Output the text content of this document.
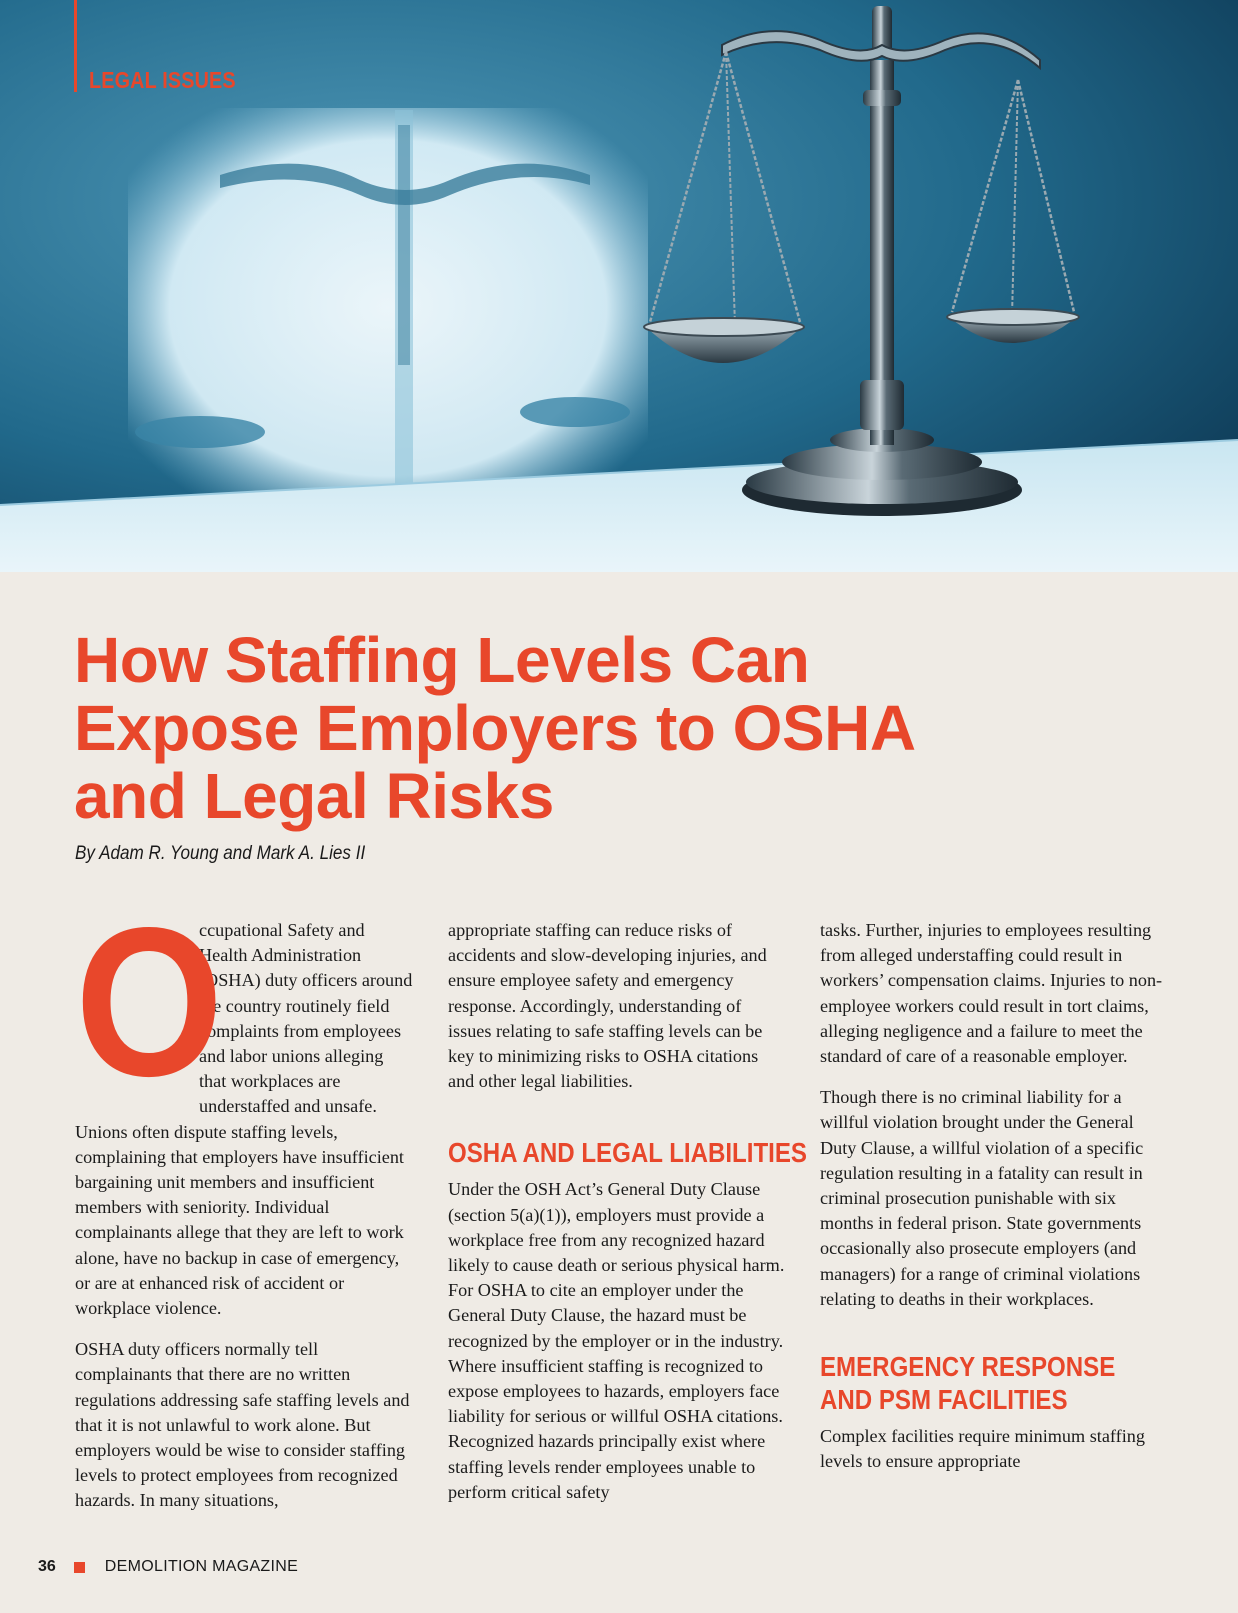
LEGAL ISSUES
How Staffing Levels Can
Expose Employers to OSHA
and Legal Risks
By Adam R. Young and Mark A. Lies II

O
ccupational Safety and Health Administration (OSHA) duty officers around the country routinely field complaints from employees and labor unions alleging that workplaces are understaffed and unsafe. Unions often dispute staffing levels, complaining that employers have insufficient bargaining unit members and insufficient members with seniority. Individual complainants allege that they are left to work alone, have no backup in case of emergency, or are at enhanced risk of accident or workplace violence.

OSHA duty officers normally tell complainants that there are no written regulations addressing safe staffing levels and that it is not unlawful to work alone. But employers would be wise to consider staffing levels to protect employees from recognized hazards. In many situations,

appropriate staffing can reduce risks of accidents and slow-developing injuries, and ensure employee safety and emergency response. Accordingly, understanding of issues relating to safe staffing levels can be key to minimizing risks to OSHA citations and other legal liabilities.

OSHA AND LEGAL LIABILITIES

Under the OSH Act’s General Duty Clause (section 5(a)(1)), employers must provide a workplace free from any recognized hazard likely to cause death or serious physical harm. For OSHA to cite an employer under the General Duty Clause, the hazard must be recognized by the employer or in the industry. Where insufficient staffing is recognized to expose employees to hazards, employers face liability for serious or willful OSHA citations. Recognized hazards principally exist where staffing levels render employees unable to perform critical safety

tasks. Further, injuries to employees resulting from alleged understaffing could result in workers’ compensation claims. Injuries to non-employee workers could result in tort claims, alleging negligence and a failure to meet the standard of care of a reasonable employer.

Though there is no criminal liability for a willful violation brought under the General Duty Clause, a willful violation of a specific regulation resulting in a fatality can result in criminal prosecution punishable with six months in federal prison. State governments occasionally also prosecute employers (and managers) for a range of criminal violations relating to deaths in their workplaces.

EMERGENCY RESPONSE
AND PSM FACILITIES

Complex facilities require minimum staffing levels to ensure appropriate

36	DEMOLITION MAGAZINE
